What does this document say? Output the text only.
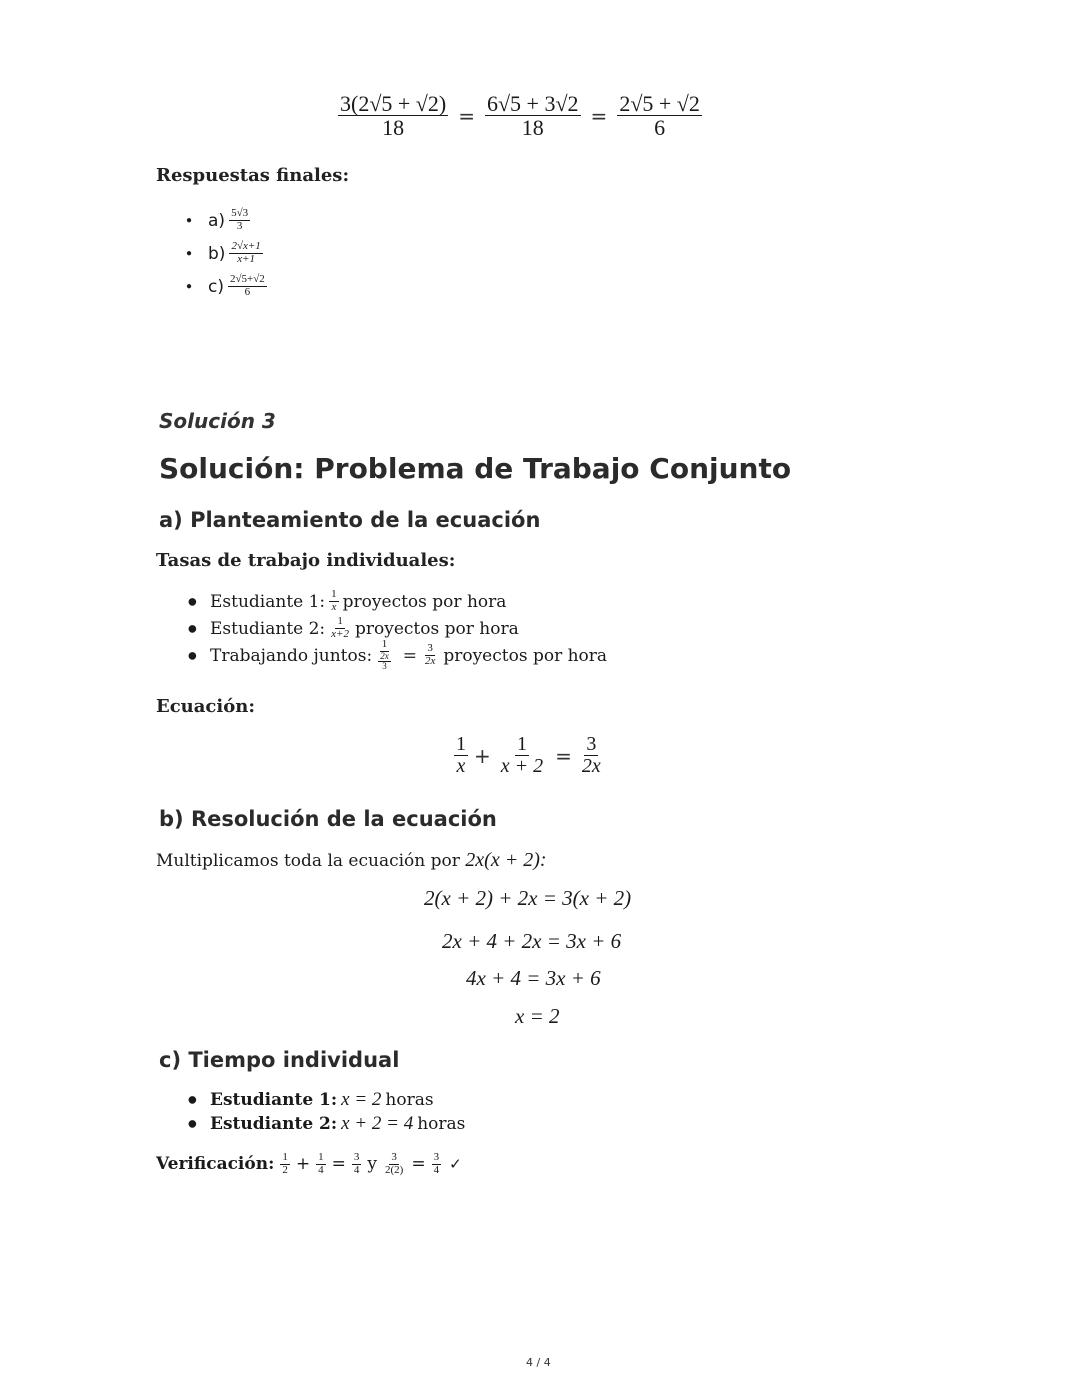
$\frac{3(2√5 + √2)}{18} = \frac{6√5 + 3√2}{18} = \frac{2√5 + √2}{6}$
Respuestas finales:
● $a) \frac{5√3}{3}$
● $b) \frac{2√x+1}{x+1}$
● $c) \frac{2√5+√2}{6}$
Solución 3
Solución: Problema de Trabajo Conjunto
a) Planteamiento de la ecuación
Tasas de trabajo individuales:
● Estudiante 1: $\frac{1}{x}$ proyectos por hora
● Estudiante 2: $\frac{1}{x+2}$ proyectos por hora
● Trabajando juntos: $\frac{1}{\frac{2x}{3}} = \frac{3}{2x}$ proyectos por hora
Ecuación:
$\frac{1}{x} + \frac{1}{x + 2} = \frac{3}{2x}$
b) Resolución de la ecuación
Multiplicamos toda la ecuación por 2x(x + 2):
2(x + 2) + 2x = 3(x + 2)
2x + 4 + 2x = 3x + 6
4x + 4 = 3x + 6
x = 2
c) Tiempo individual
● Estudiante 1: x = 2 horas
● Estudiante 2: x + 2 = 4 horas
Verificación: $\frac{1}{2} + \frac{1}{4} = \frac{3}{4}$ y $\frac{3}{2(2)} = \frac{3}{4}$ ✓
4 / 4
